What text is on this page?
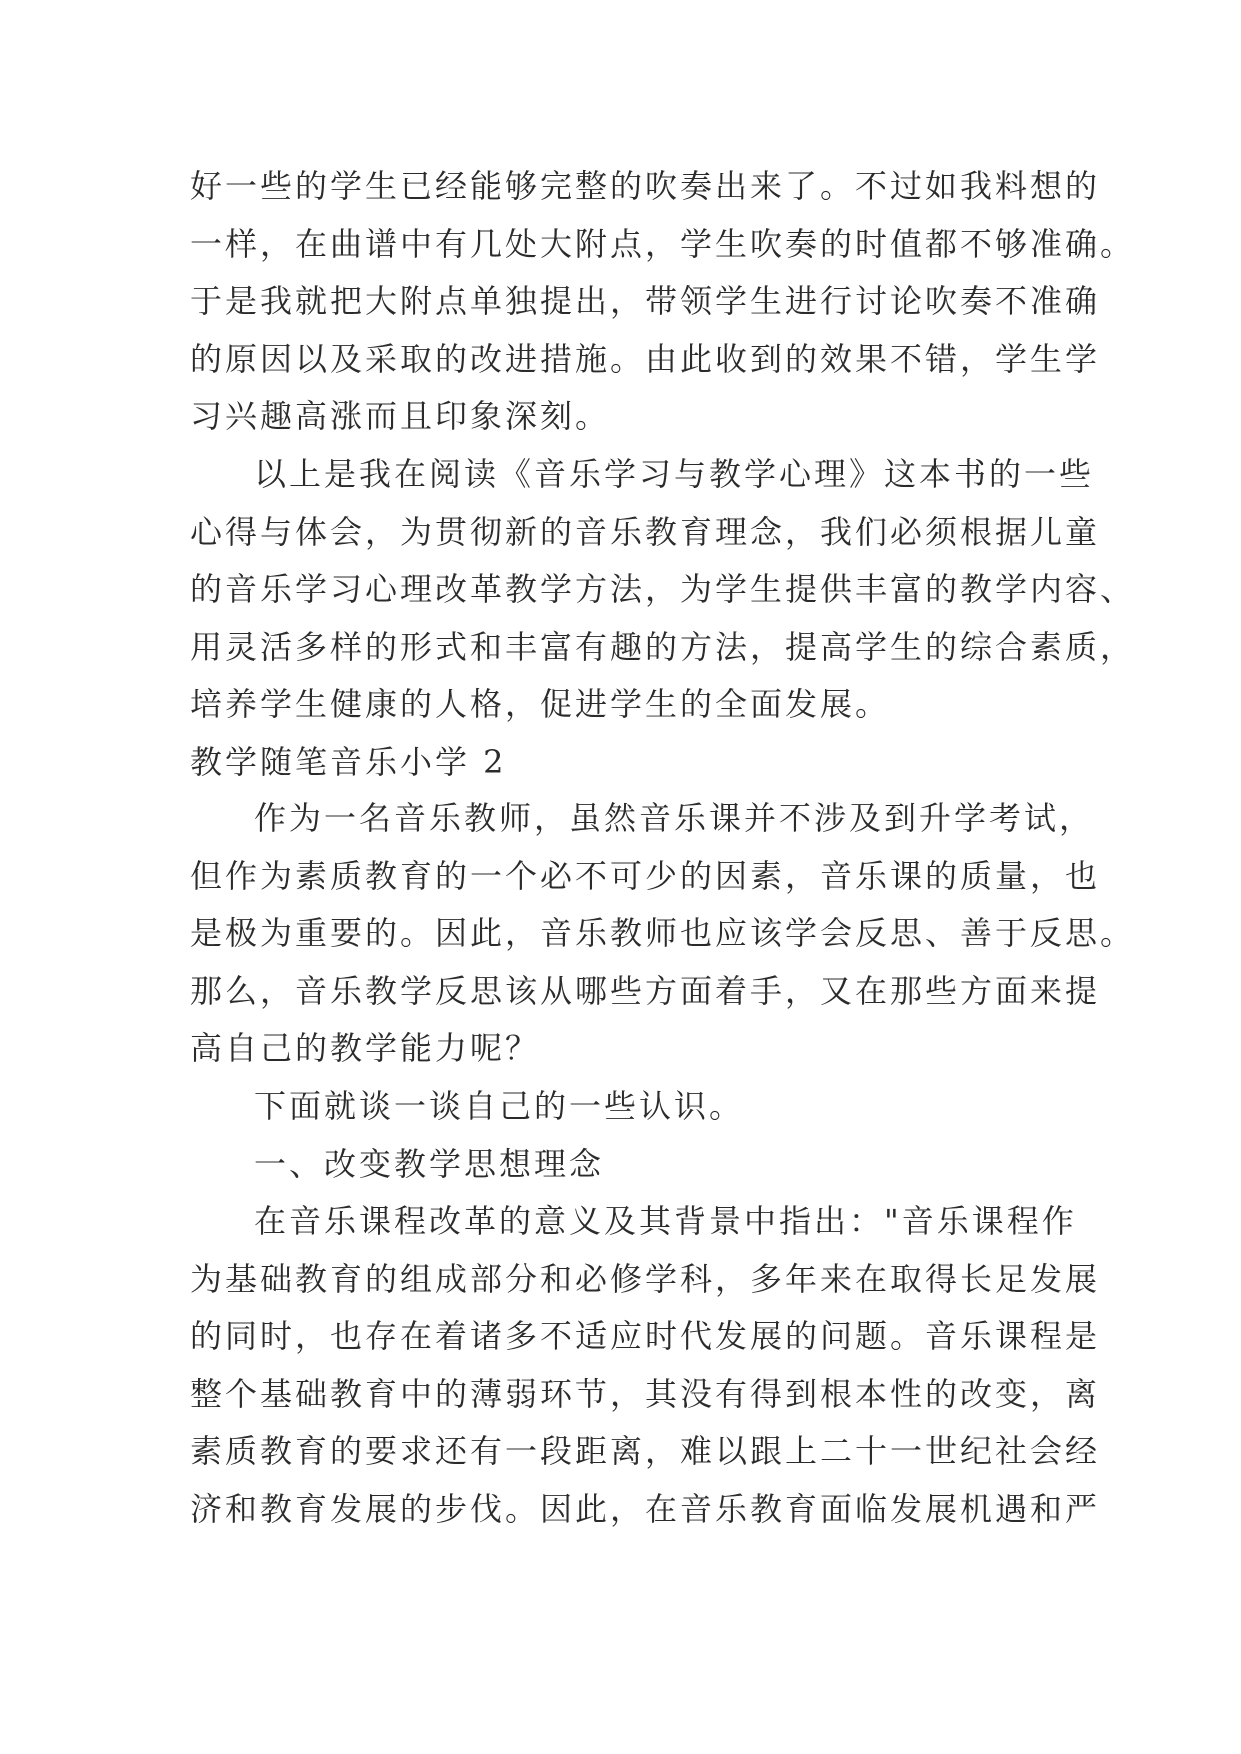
好一些的学生已经能够完整的吹奏出来了。不过如我料想的
一样，在曲谱中有几处大附点，学生吹奏的时值都不够准确。
于是我就把大附点单独提出，带领学生进行讨论吹奏不准确
的原因以及采取的改进措施。由此收到的效果不错，学生学
习兴趣高涨而且印象深刻。
以上是我在阅读《音乐学习与教学心理》这本书的一些
心得与体会，为贯彻新的音乐教育理念，我们必须根据儿童
的音乐学习心理改革教学方法，为学生提供丰富的教学内容、
用灵活多样的形式和丰富有趣的方法，提高学生的综合素质，
培养学生健康的人格，促进学生的全面发展。
教学随笔音乐小学 2
作为一名音乐教师，虽然音乐课并不涉及到升学考试，
但作为素质教育的一个必不可少的因素，音乐课的质量，也
是极为重要的。因此，音乐教师也应该学会反思、善于反思。
那么，音乐教学反思该从哪些方面着手，又在那些方面来提
高自己的教学能力呢？
下面就谈一谈自己的一些认识。
一、改变教学思想理念
在音乐课程改革的意义及其背景中指出："音乐课程作
为基础教育的组成部分和必修学科，多年来在取得长足发展
的同时，也存在着诸多不适应时代发展的问题。音乐课程是
整个基础教育中的薄弱环节，其没有得到根本性的改变，离
素质教育的要求还有一段距离，难以跟上二十一世纪社会经
济和教育发展的步伐。因此，在音乐教育面临发展机遇和严
